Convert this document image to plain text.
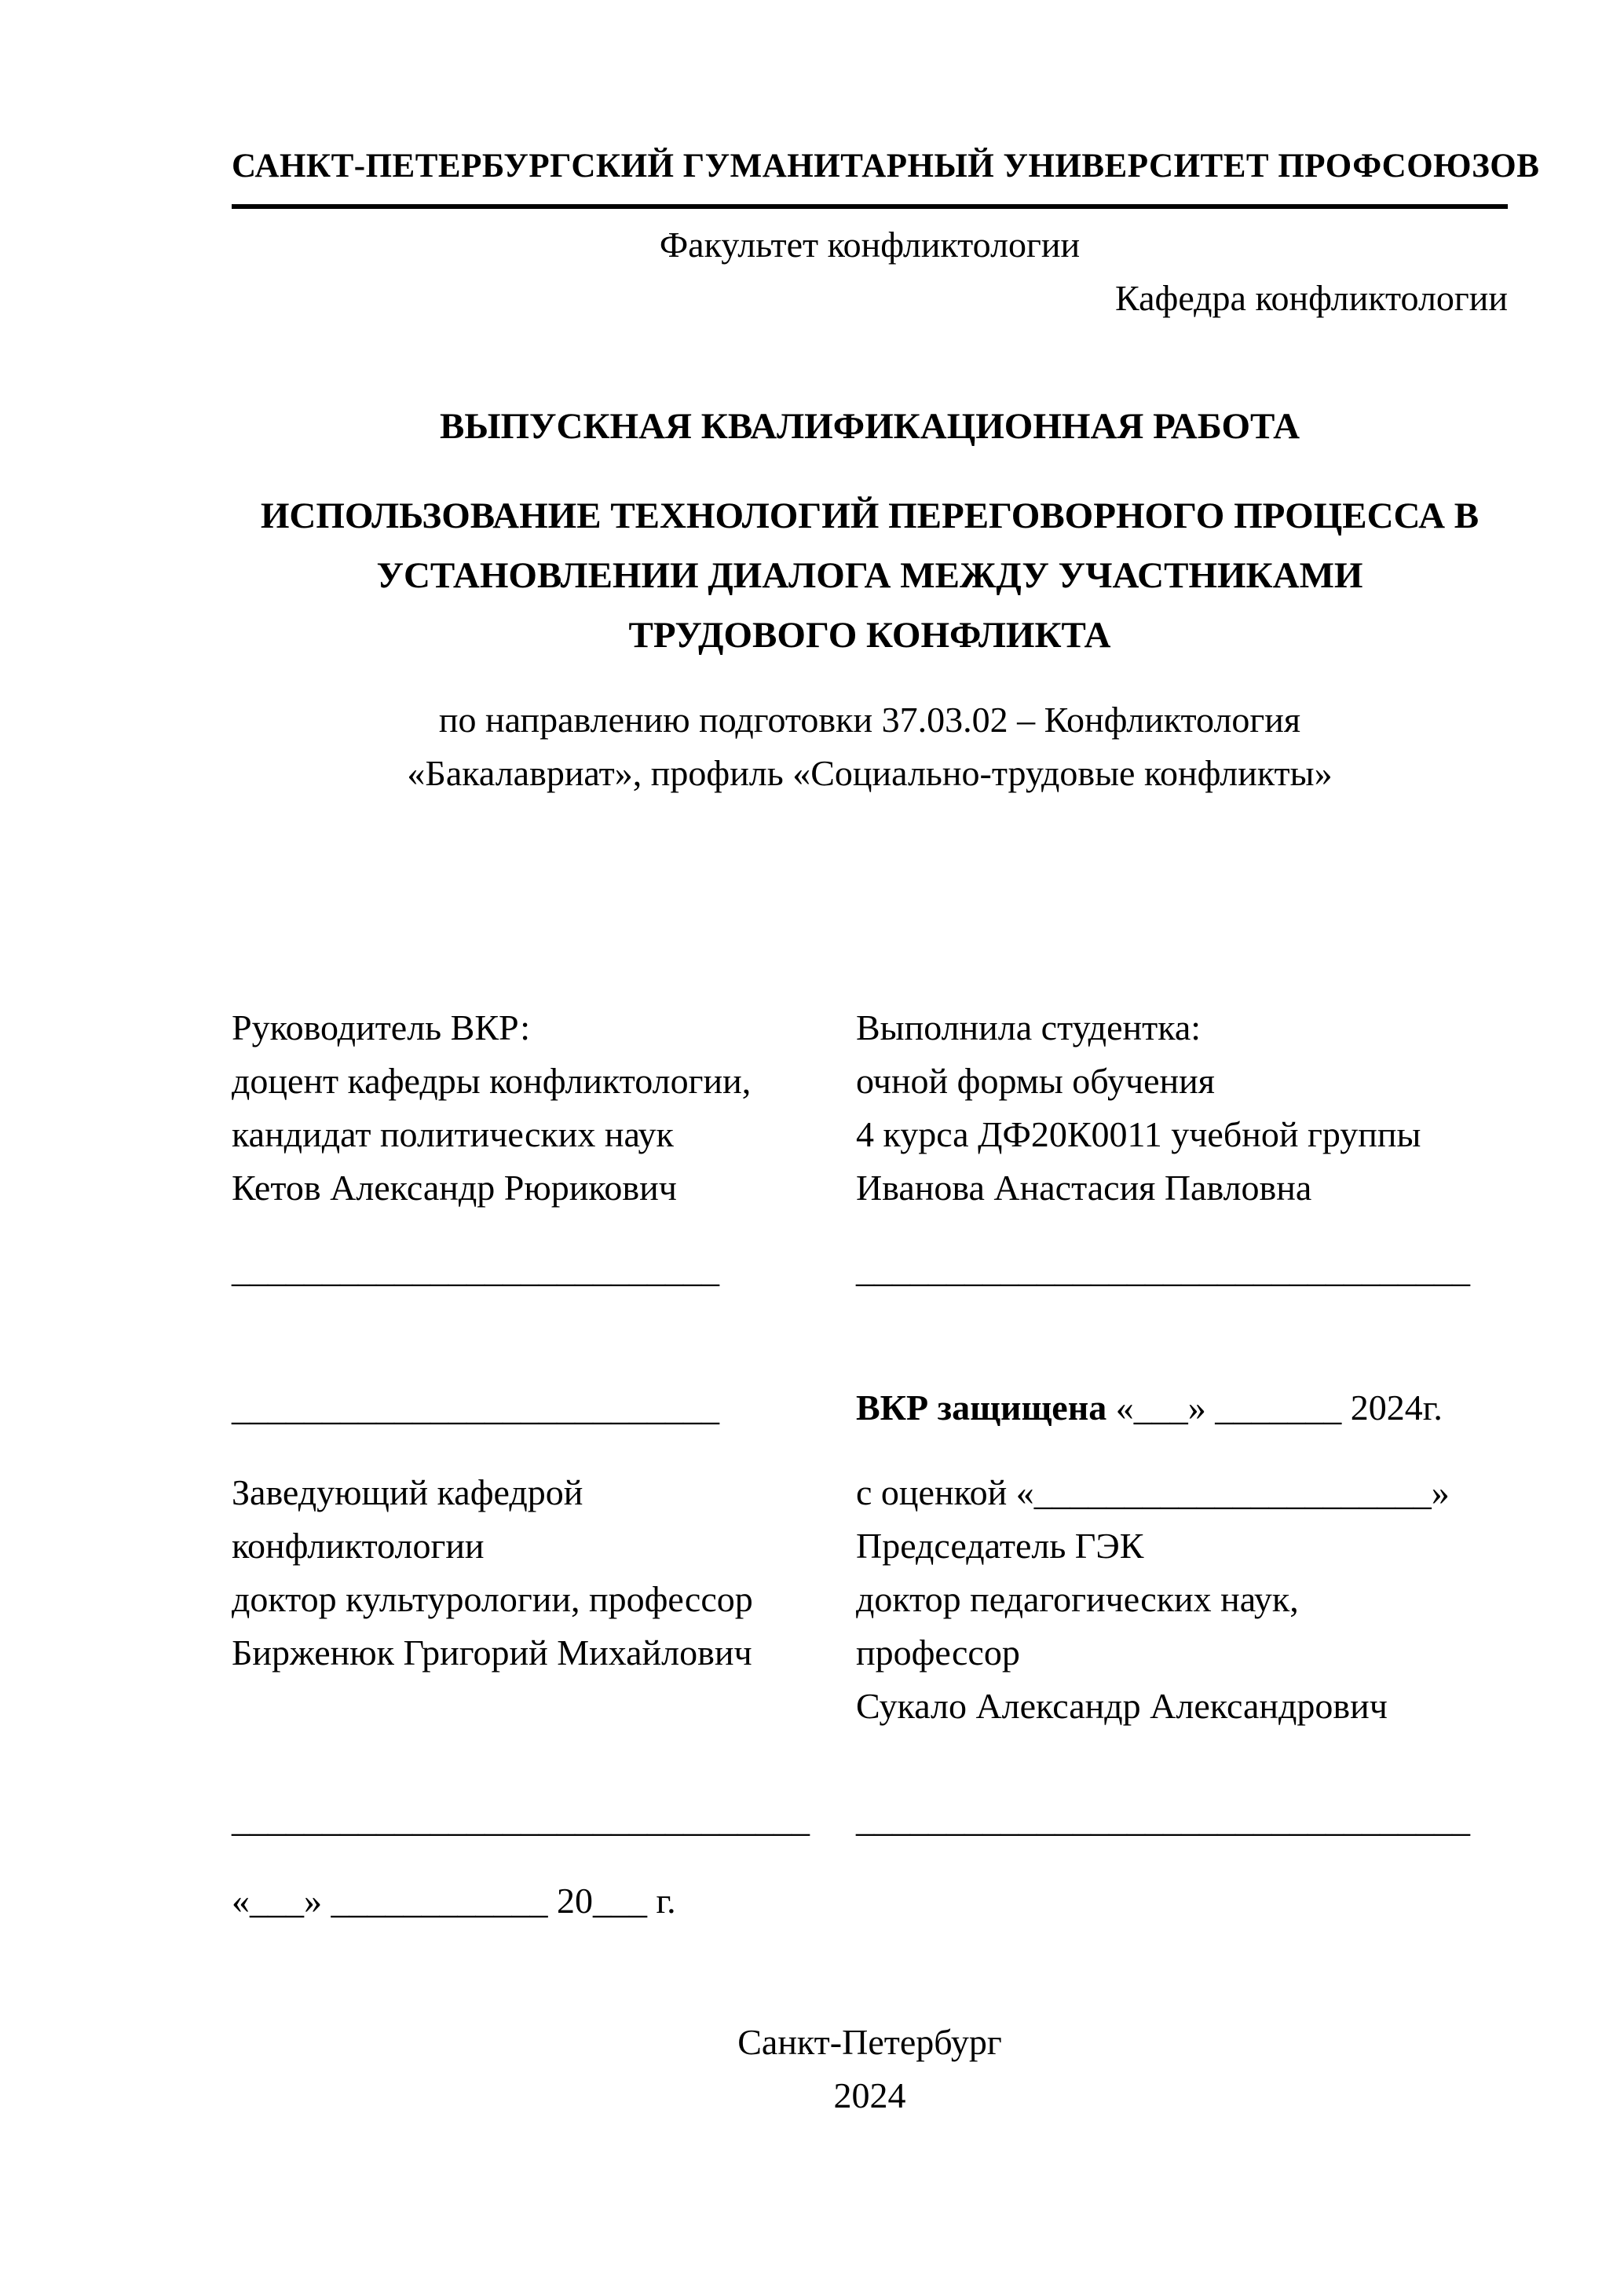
САНКТ-ПЕТЕРБУРГСКИЙ ГУМАНИТАРНЫЙ УНИВЕРСИТЕТ ПРОФСОЮЗОВ
Факультет конфликтологии
Кафедра конфликтологии
ВЫПУСКНАЯ КВАЛИФИКАЦИОННАЯ РАБОТА
ИСПОЛЬЗОВАНИЕ ТЕХНОЛОГИЙ ПЕРЕГОВОРНОГО ПРОЦЕССА В
УСТАНОВЛЕНИИ ДИАЛОГА МЕЖДУ УЧАСТНИКАМИ
ТРУДОВОГО КОНФЛИКТА
по направлению подготовки 37.03.02 – Конфликтология
«Бакалавриат», профиль «Социально-трудовые конфликты»
Руководитель ВКР:
доцент кафедры конфликтологии,
кандидат политических наук
Кетов Александр Рюрикович
Выполнила студентка:
очной формы обучения
4 курса ДФ20К0011 учебной группы
Иванова Анастасия Павловна
___________________________	__________________________________
___________________________	ВКР защищена «___» _______ 2024г.
Заведующий кафедрой
конфликтологии
доктор культурологии, профессор
Бирженюк Григорий Михайлович
с оценкой «______________________»
Председатель ГЭК
доктор педагогических наук,
профессор
Сукало Александр Александрович
________________________________	__________________________________
«___» ____________ 20___ г.
Санкт-Петербург
2024
